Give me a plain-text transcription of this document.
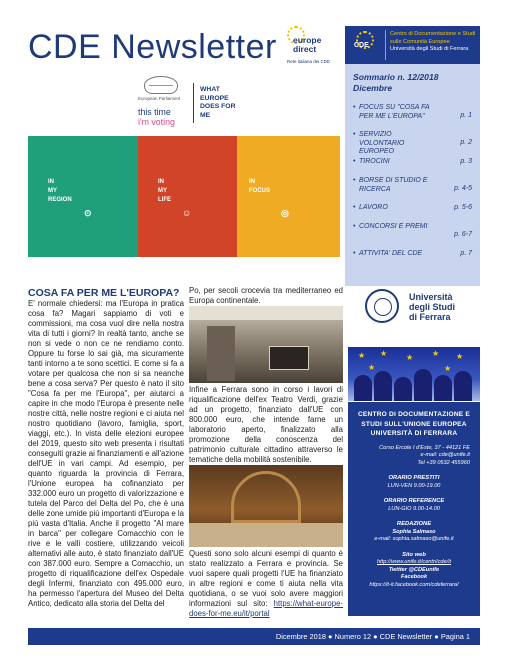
CDE Newsletter europe
direct
Rete italiana dei CDE
CDE
Centro di Documentazione e Studi
sulle Comunità Europee
Università degli Studi di Ferrara
European Parliament
this time
i'm voting
WHAT
EUROPE
DOES FOR
ME
IN
MY
REGION
⊙
IN
MY
LIFE
☺
IN
FOCUS
◎
Sommario n. 12/2018
Dicembre
• FOCUS SU "COSA FA PER ME L'EUROPA"	p. 1
• SERVIZIO VOLONTARIO EUROPEO
p. 2
• TIROCINI	p. 3
• BORSE DI STUDIO E RICERCA	p. 4-5
• LAVORO	p. 5-6
• CONCORSI E PREMI
p. 6-7
• ATTIVITA' DEL CDE	p. 7
Università
degli Studi
di Ferrara
★ ★ ★ ★ ★
★	★
CENTRO DI DOCUMENTAZIONE E
STUDI SULL'UNIONE EUROPEA
UNIVERSITÀ DI FERRARA
Corso Ercole I d'Este, 37 - 44121 FE
e-mail: cde@unife.it
Tel +39 0532 455960
ORARIO PRESTITI
LUN-VEN 9.00-19.00
ORARIO REFERENCE
LUN-GIO 9.00-14.00
REDAZIONE
Sophia Salmaso
e-mail: sophia.salmaso@unife.it
Sito web
http://www.unife.it/centri/cde/it
Twitter @CDEunife
Facebook
https://it-it.facebook.com/cdeferrara/
COSA FA PER ME L'EUROPA?
E' normale chiedersi: ma l'Europa in pratica cosa fa? Magari sappiamo di voti e commissioni, ma cosa vuol dire nella nostra vita di tutti i giorni? In realtà tanto, anche se non si vede o non ce ne rendiamo conto. Oppure tu forse lo sai già, ma sicuramente tanti intorno a te sono scettici. E come si fa a votare per qualcosa che non si sa neanche bene a cosa serva? Per questo è nato il sito "Cosa fa per me l'Europa", per aiutarci a capire in che modo l'Europa è presente nelle nostre città, nelle nostre regioni e ci aiuta nel nostro quotidiano (lavoro, famiglia, sport, viaggi, etc.). In vista delle elezioni europee del 2019, questo sito web presenta i risultati conseguiti grazie ai finanziamenti e all'azione dell'UE in vari campi. Ad esempio, per quanto riguarda la provincia di Ferrara, l'Unione europea ha cofinanziato per 332.000 euro un progetto di valorizzazione e tutela del Parco del Delta del Po, che è una delle zone umide più importanti d'Europa e la più vasta d'Italia. Anche il progetto "Al mare in barca" per collegare Comacchio con le rive e le valli costiere, utilizzando veicoli alternativi alle auto, è stato finanziato dall'UE con 387.000 euro. Sempre a Comacchio, un progetto di riqualificazione dell'ex Ospedale degli Infermi, finanziato con 495.000 euro, ha permesso l'apertura del Museo del Delta Antico, dedicato alla storia del Delta del
Po, per secoli crocevia tra mediterraneo ed Europa continentale.
Infine a Ferrara sono in corso i lavori di riqualificazione dell'ex Teatro Verdi, grazie ad un progetto, finanziato dall'UE con 800.000 euro, che intende farne un laboratorio aperto, finalizzato alla promozione della conoscenza del patrimonio culturale cittadino attraverso le tematiche della mobilità sostenibile.
Questi sono solo alcuni esempi di quanto è stato realizzato a Ferrara e provincia. Se vuoi sapere quali progetti l'UE ha finanziato in altre regioni e come ti aiuta nella vita quotidiana, o se vuoi solo avere maggiori informazioni sul sito: https://what-europe-does-for-me.eu/it/portal
Dicembre 2018 ● Numero 12 ● CDE Newsletter ● Pagina 1
